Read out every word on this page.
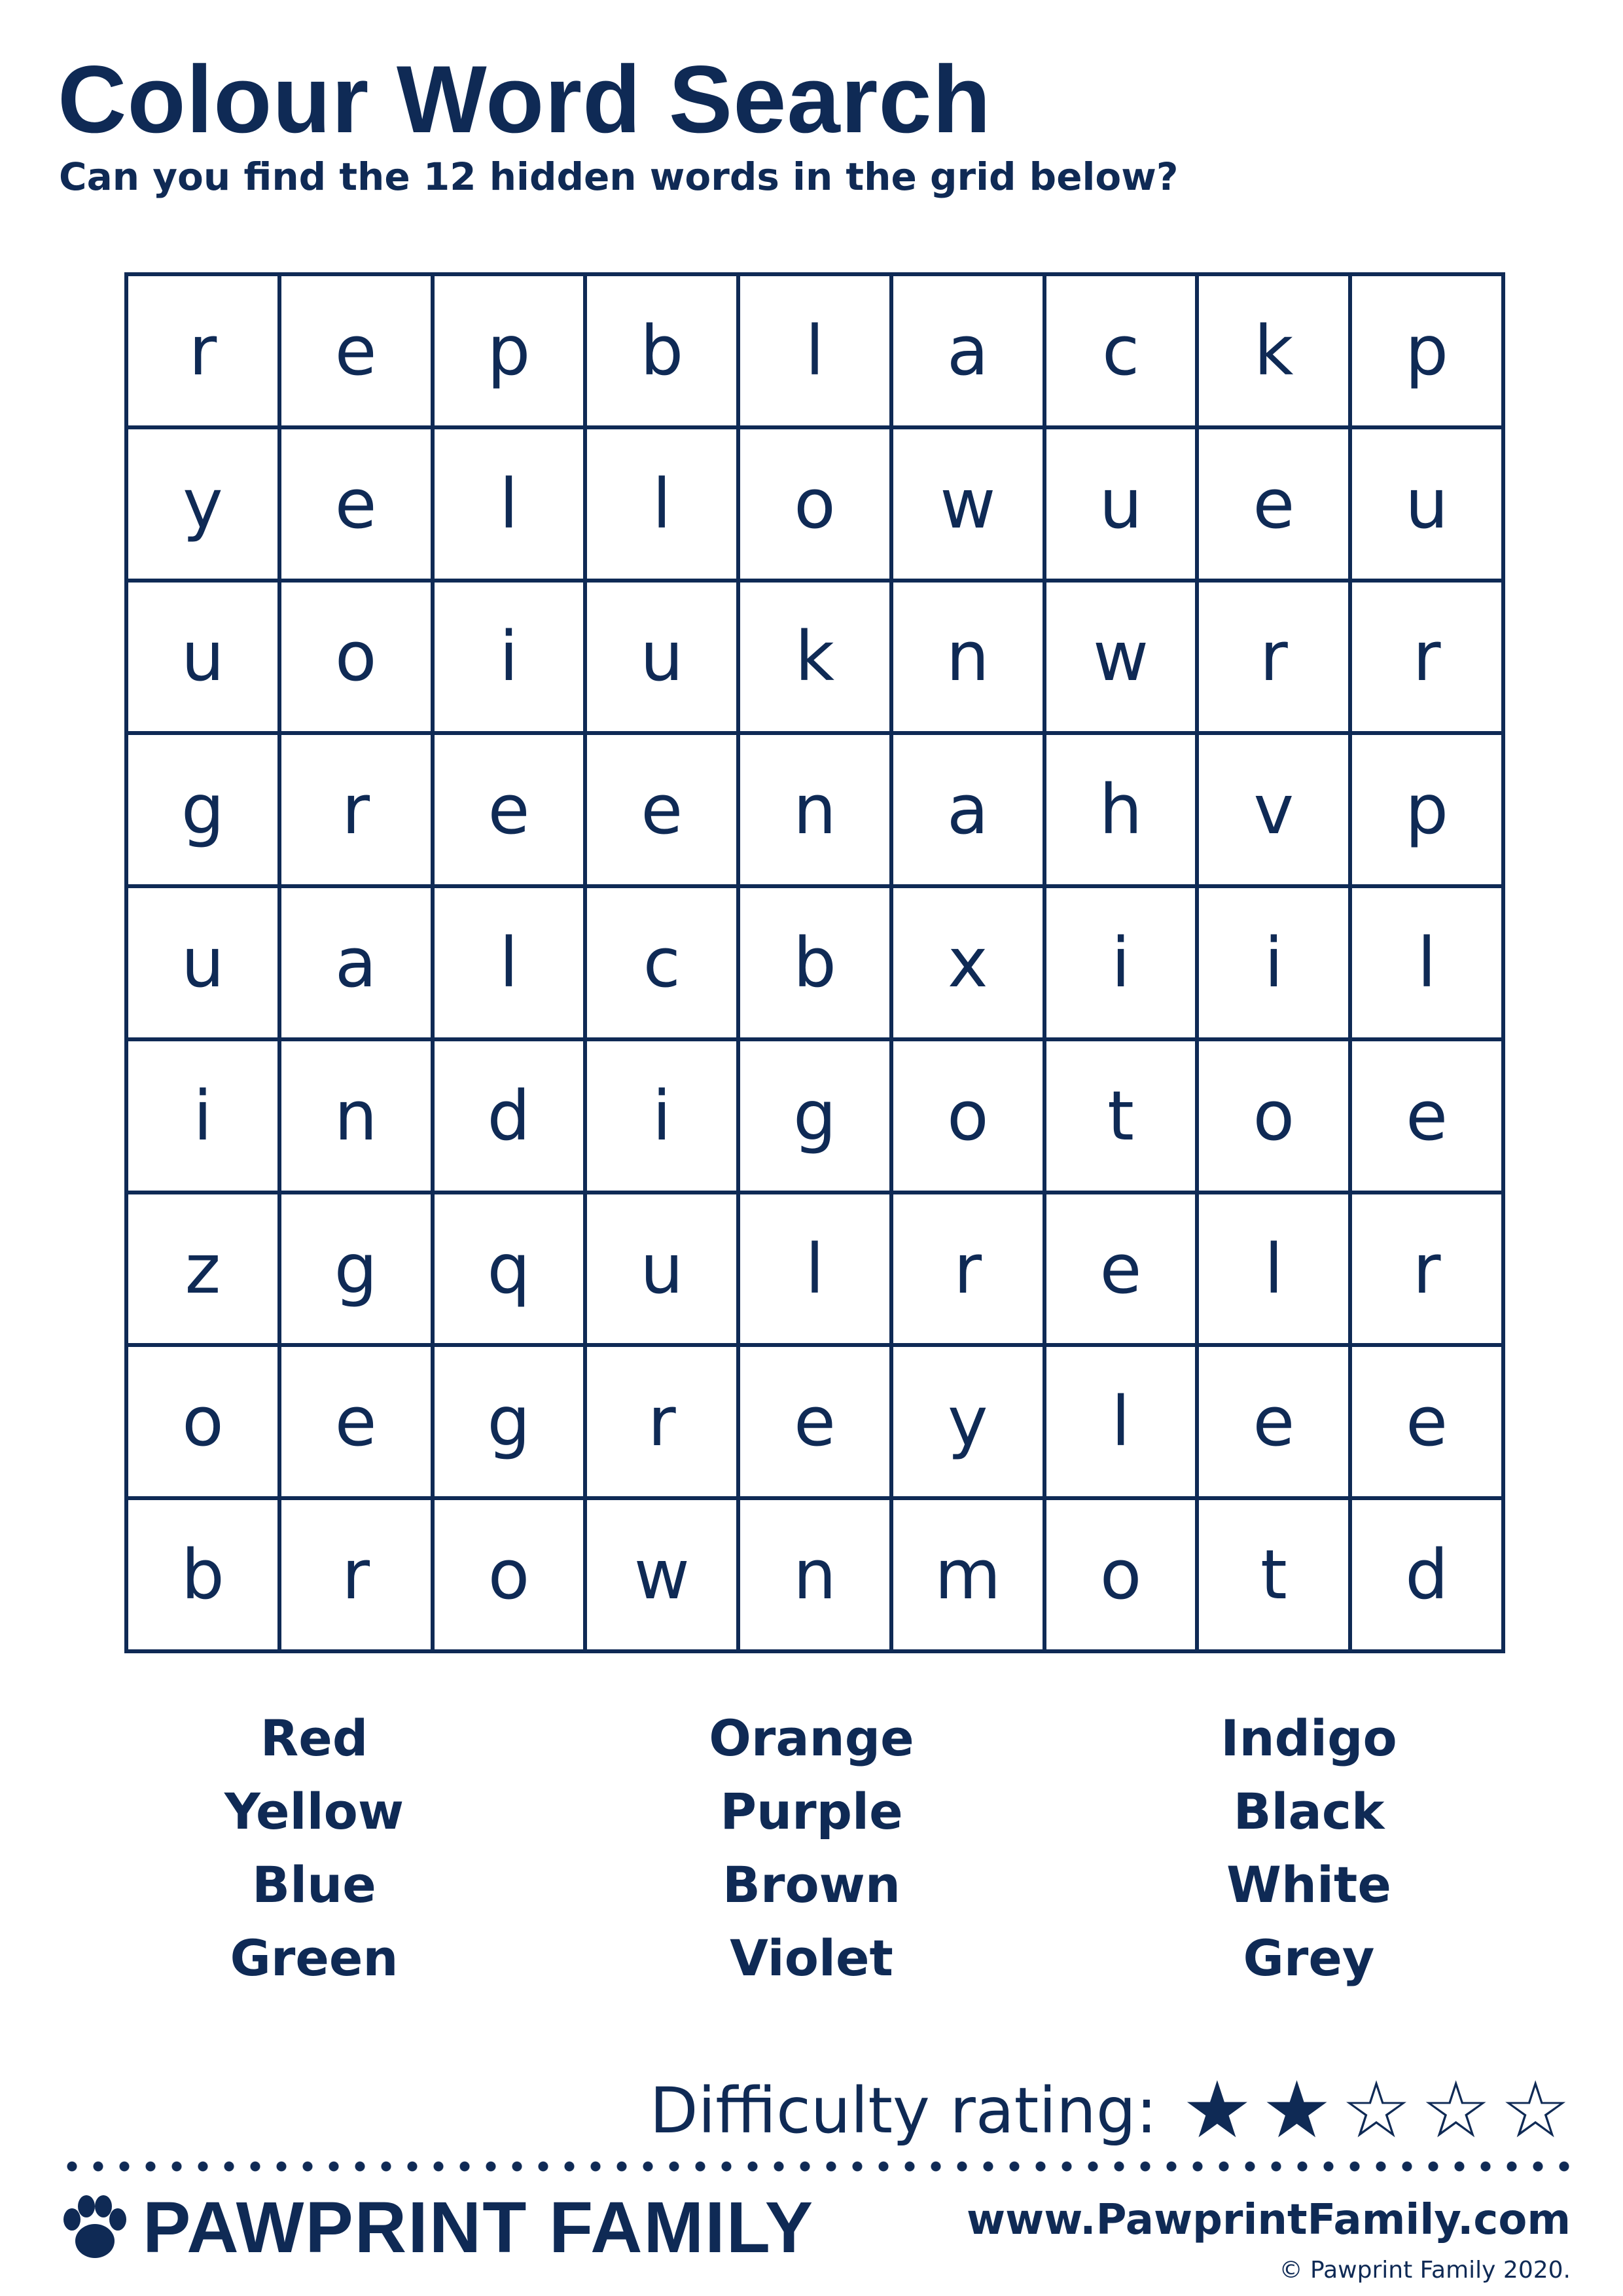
Colour Word Search
Can you find the 12 hidden words in the grid below?
r	e	p	b	l	a	c	k	p
y	e	l	l	o	w	u	e	u
u	o	i	u	k	n	w	r	r
g	r	e	e	n	a	h	v	p
u	a	l	c	b	x	i	i	l
i	n	d	i	g	o	t	o	e
z	g	q	u	l	r	e	l	r
o	e	g	r	e	y	l	e	e
b	r	o	w	n	m	o	t	d
Red
Yellow
Blue
Green
Orange
Purple
Brown
Violet
Indigo
Black
White
Grey
Difficulty rating: ★ ★ ☆ ☆ ☆
PAWPRINT FAMILY	www.PawprintFamily.com
© Pawprint Family 2020.
